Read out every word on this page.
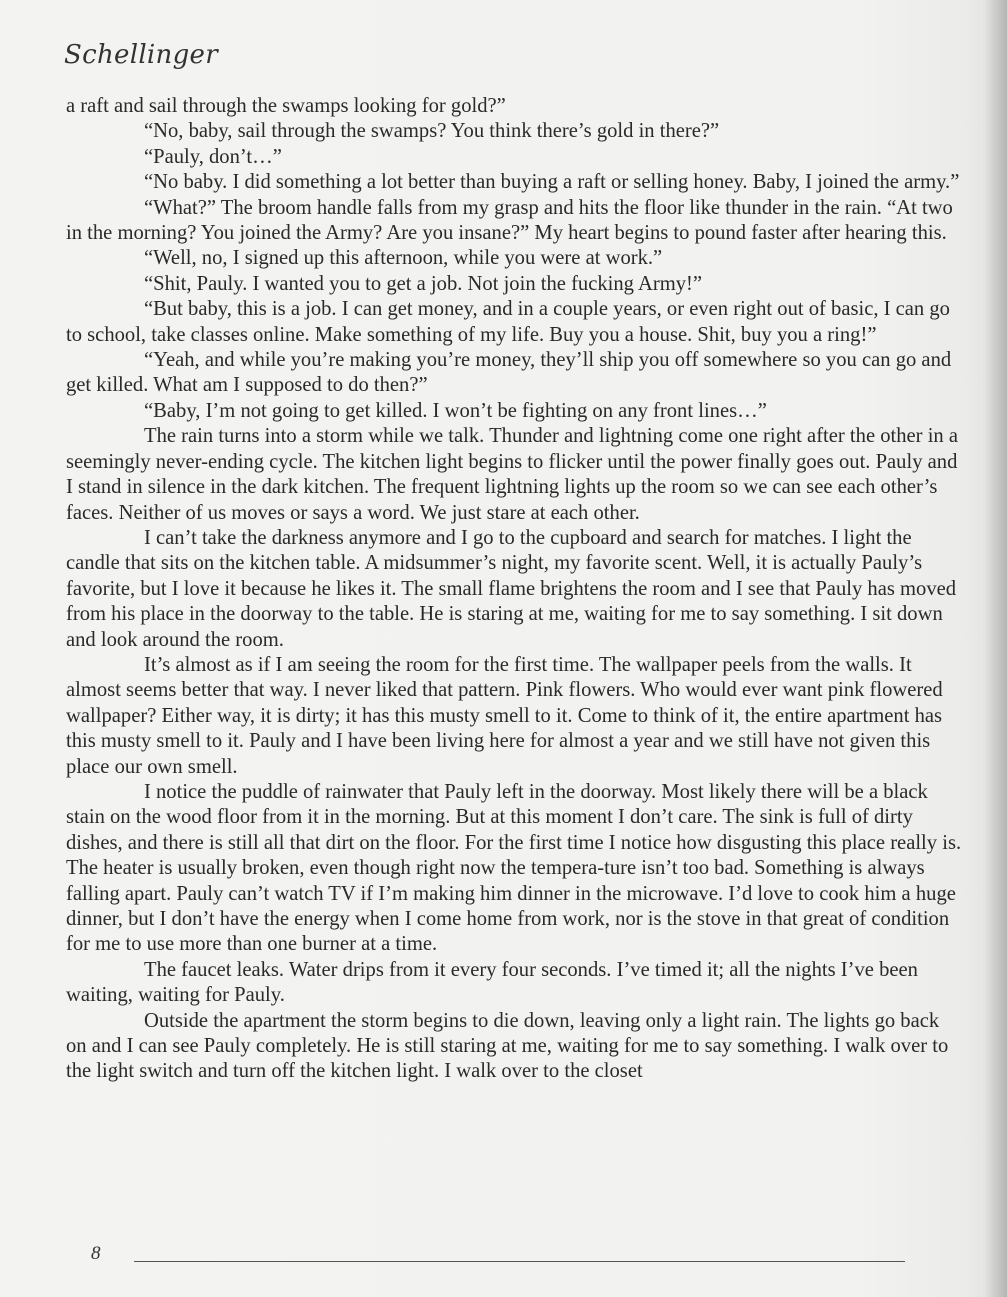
Schellinger

a raft and sail through the swamps looking for gold?”

“No, baby, sail through the swamps? You think there’s gold in there?”

“Pauly, don’t…”

“No baby. I did something a lot better than buying a raft or selling honey. Baby, I joined the army.”

“What?” The broom handle falls from my grasp and hits the floor like thunder in the rain. “At two in the morning? You joined the Army? Are you insane?” My heart begins to pound faster after hearing this.

“Well, no, I signed up this afternoon, while you were at work.”

“Shit, Pauly. I wanted you to get a job. Not join the fucking Army!”

“But baby, this is a job. I can get money, and in a couple years, or even right out of basic, I can go to school, take classes online. Make something of my life. Buy you a house. Shit, buy you a ring!”

“Yeah, and while you’re making you’re money, they’ll ship you off somewhere so you can go and get killed. What am I supposed to do then?”

“Baby, I’m not going to get killed. I won’t be fighting on any front lines…”

The rain turns into a storm while we talk. Thunder and lightning come one right after the other in a seemingly never-ending cycle. The kitchen light begins to flicker until the power finally goes out. Pauly and I stand in silence in the dark kitchen. The frequent lightning lights up the room so we can see each other’s faces. Neither of us moves or says a word. We just stare at each other.

I can’t take the darkness anymore and I go to the cupboard and search for matches. I light the candle that sits on the kitchen table. A midsummer’s night, my favorite scent. Well, it is actually Pauly’s favorite, but I love it because he likes it. The small flame brightens the room and I see that Pauly has moved from his place in the doorway to the table. He is staring at me, waiting for me to say something. I sit down and look around the room.

It’s almost as if I am seeing the room for the first time. The wallpaper peels from the walls. It almost seems better that way. I never liked that pattern. Pink flowers. Who would ever want pink flowered wallpaper? Either way, it is dirty; it has this musty smell to it. Come to think of it, the entire apartment has this musty smell to it. Pauly and I have been living here for almost a year and we still have not given this place our own smell.

I notice the puddle of rainwater that Pauly left in the doorway. Most likely there will be a black stain on the wood floor from it in the morning. But at this moment I don’t care. The sink is full of dirty dishes, and there is still all that dirt on the floor. For the first time I notice how disgusting this place really is. The heater is usually broken, even though right now the tempera-ture isn’t too bad. Something is always falling apart. Pauly can’t watch TV if I’m making him dinner in the microwave. I’d love to cook him a huge dinner, but I don’t have the energy when I come home from work, nor is the stove in that great of condition for me to use more than one burner at a time.

The faucet leaks. Water drips from it every four seconds. I’ve timed it; all the nights I’ve been waiting, waiting for Pauly.

Outside the apartment the storm begins to die down, leaving only a light rain. The lights go back on and I can see Pauly completely. He is still staring at me, waiting for me to say something. I walk over to the light switch and turn off the kitchen light. I walk over to the closet

8
